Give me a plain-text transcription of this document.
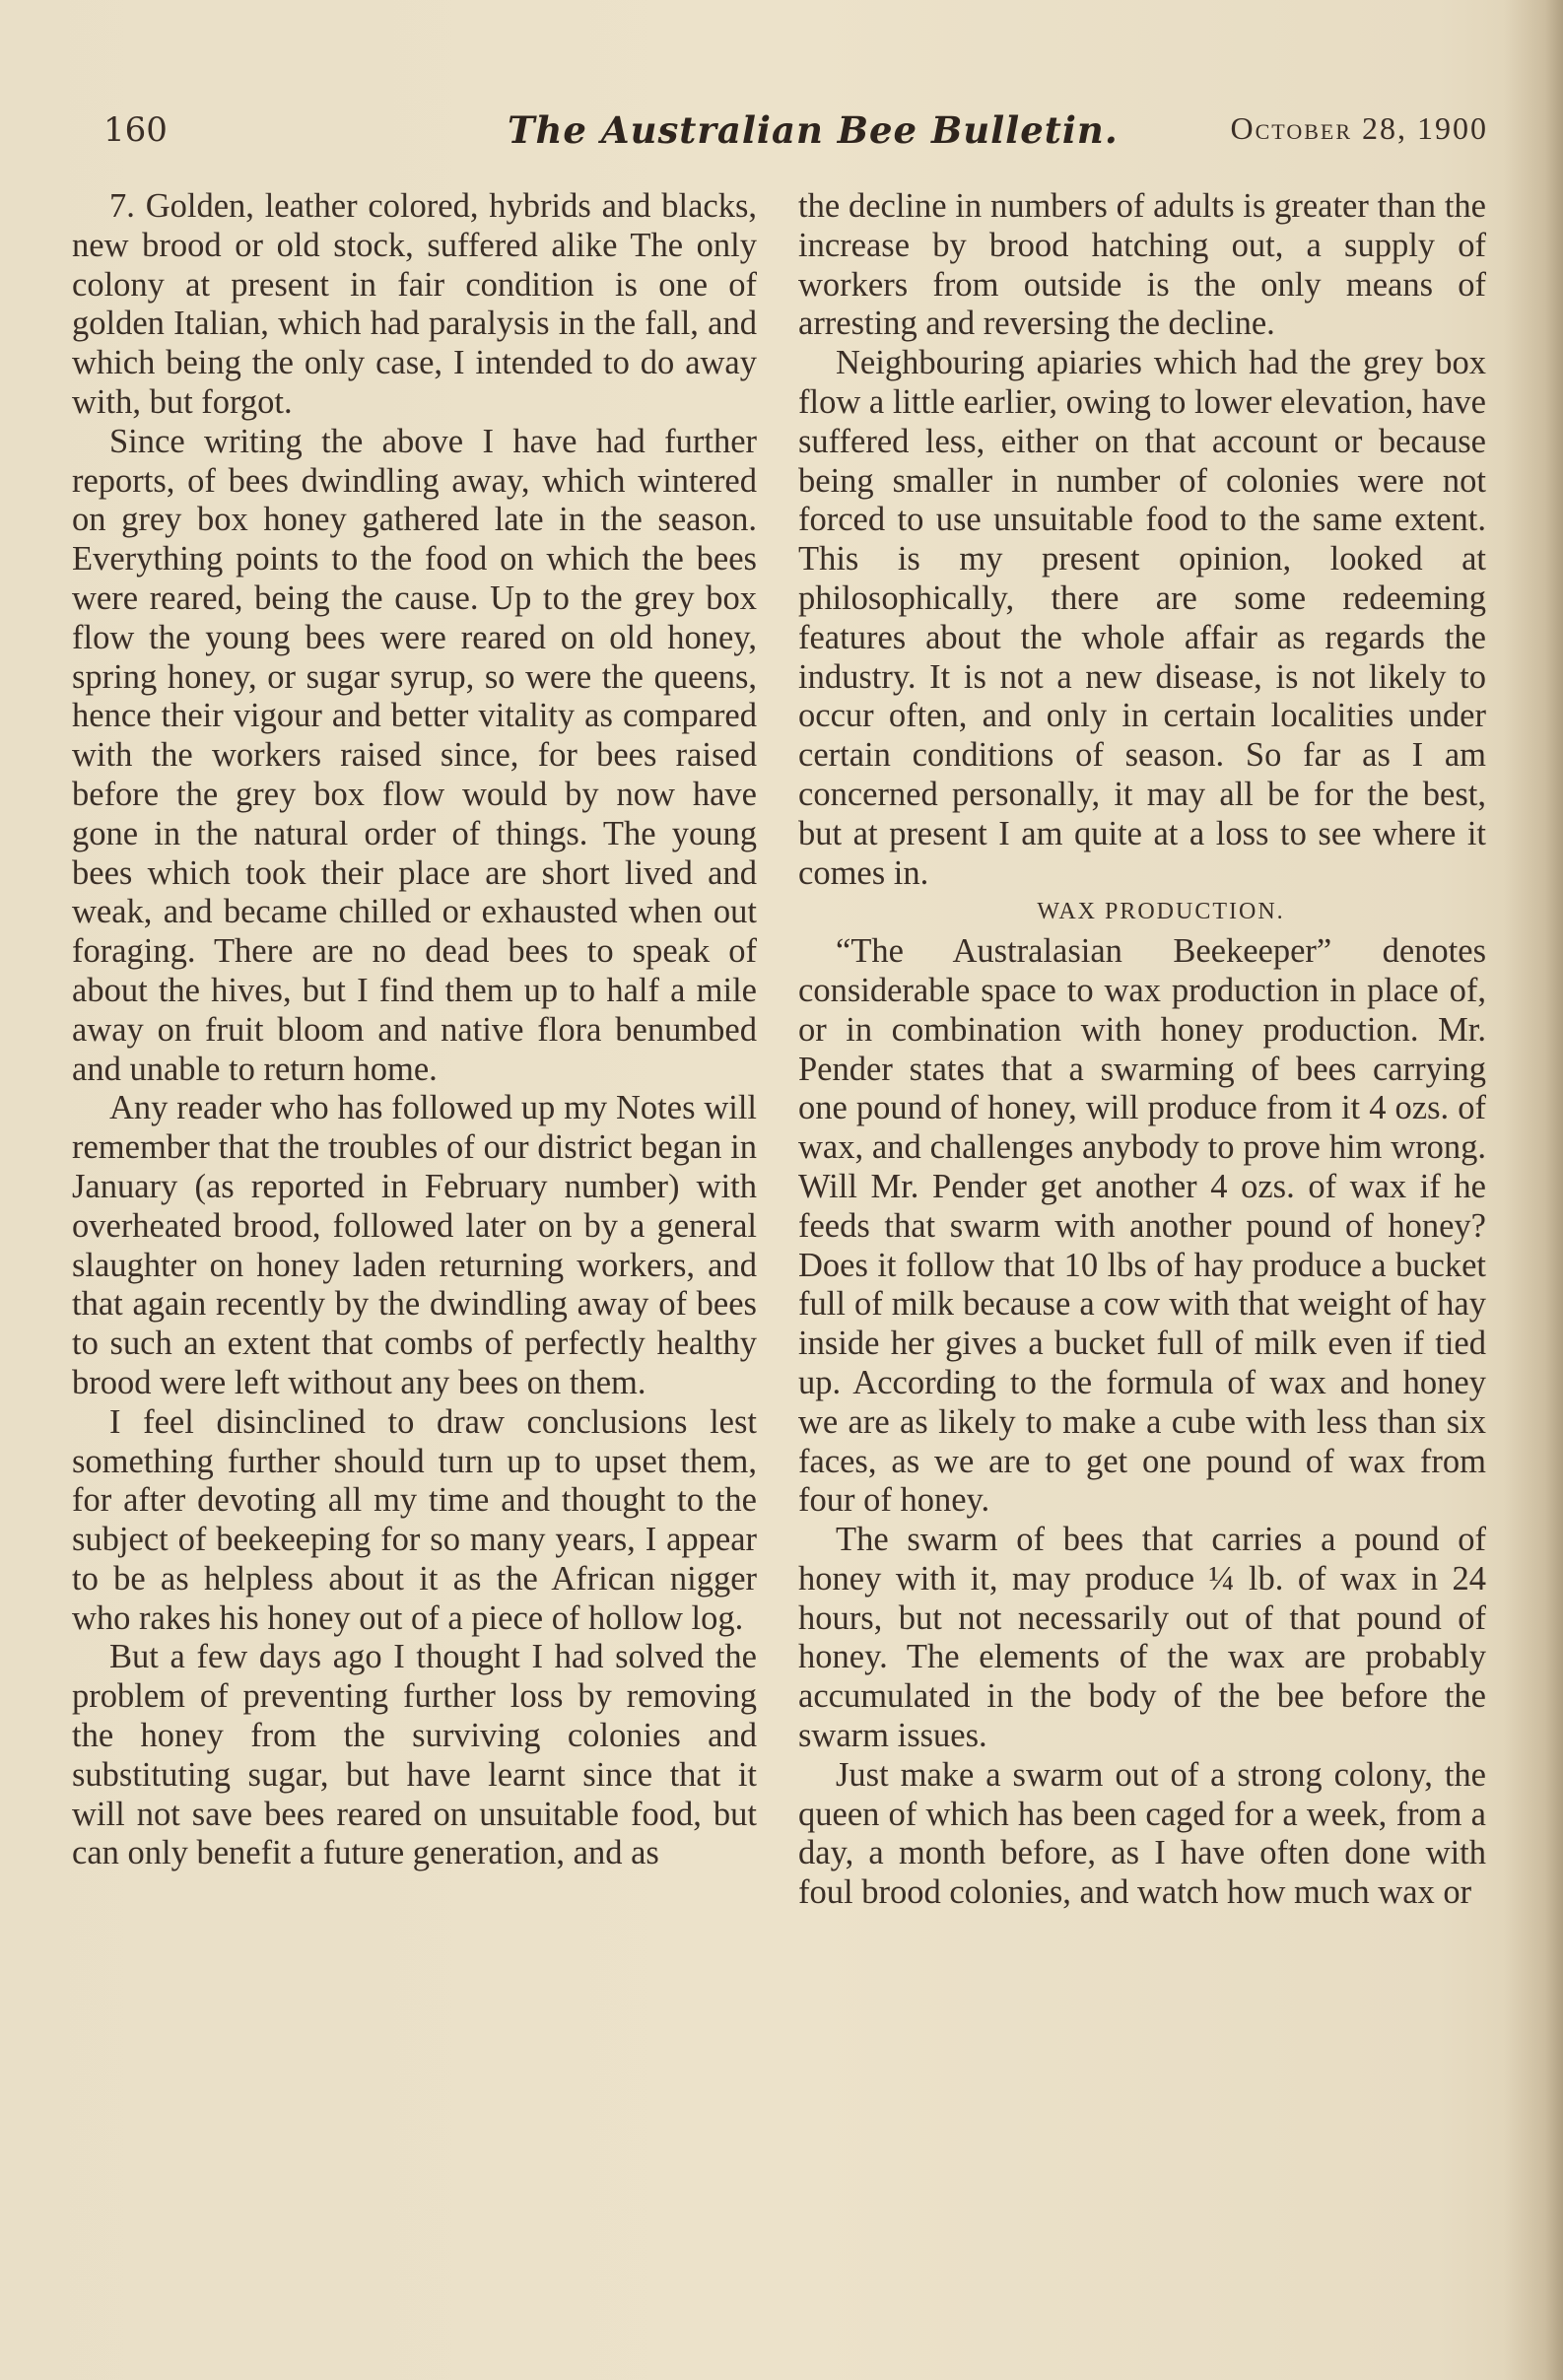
160	The Australian Bee Bulletin.	October 28, 1900

7. Golden, leather colored, hybrids and blacks, new brood or old stock, suffered alike The only colony at present in fair condition is one of golden Italian, which had paralysis in the fall, and which being the only case, I intended to do away with, but forgot.

Since writing the above I have had further reports, of bees dwindling away, which wintered on grey box honey gathered late in the season. Everything points to the food on which the bees were reared, being the cause. Up to the grey box flow the young bees were reared on old honey, spring honey, or sugar syrup, so were the queens, hence their vigour and better vitality as compared with the workers raised since, for bees raised before the grey box flow would by now have gone in the natural order of things. The young bees which took their place are short lived and weak, and became chilled or exhausted when out foraging. There are no dead bees to speak of about the hives, but I find them up to half a mile away on fruit bloom and native flora benumbed and unable to return home.

Any reader who has followed up my Notes will remember that the troubles of our district began in January (as reported in February number) with overheated brood, followed later on by a general slaughter on honey laden returning workers, and that again recently by the dwindling away of bees to such an extent that combs of perfectly healthy brood were left without any bees on them.

I feel disinclined to draw conclusions lest something further should turn up to upset them, for after devoting all my time and thought to the subject of beekeeping for so many years, I appear to be as helpless about it as the African nigger who rakes his honey out of a piece of hollow log.

But a few days ago I thought I had solved the problem of preventing further loss by removing the honey from the surviving colonies and substituting sugar, but have learnt since that it will not save bees reared on unsuitable food, but can only benefit a future generation, and as

the decline in numbers of adults is greater than the increase by brood hatching out, a supply of workers from outside is the only means of arresting and reversing the decline.

Neighbouring apiaries which had the grey box flow a little earlier, owing to lower elevation, have suffered less, either on that account or because being smaller in number of colonies were not forced to use unsuitable food to the same extent. This is my present opinion, looked at philosophically, there are some redeeming features about the whole affair as regards the industry. It is not a new disease, is not likely to occur often, and only in certain localities under certain conditions of season. So far as I am concerned personally, it may all be for the best, but at present I am quite at a loss to see where it comes in.

WAX PRODUCTION.

“The Australasian Beekeeper” denotes considerable space to wax production in place of, or in combination with honey production. Mr. Pender states that a swarming of bees carrying one pound of honey, will produce from it 4 ozs. of wax, and challenges anybody to prove him wrong. Will Mr. Pender get another 4 ozs. of wax if he feeds that swarm with another pound of honey? Does it follow that 10 lbs of hay produce a bucket full of milk because a cow with that weight of hay inside her gives a bucket full of milk even if tied up. According to the formula of wax and honey we are as likely to make a cube with less than six faces, as we are to get one pound of wax from four of honey.

The swarm of bees that carries a pound of honey with it, may produce ¼ lb. of wax in 24 hours, but not necessarily out of that pound of honey. The elements of the wax are probably accumulated in the body of the bee before the swarm issues.

Just make a swarm out of a strong colony, the queen of which has been caged for a week, from a day, a month before, as I have often done with foul brood colonies, and watch how much wax or
